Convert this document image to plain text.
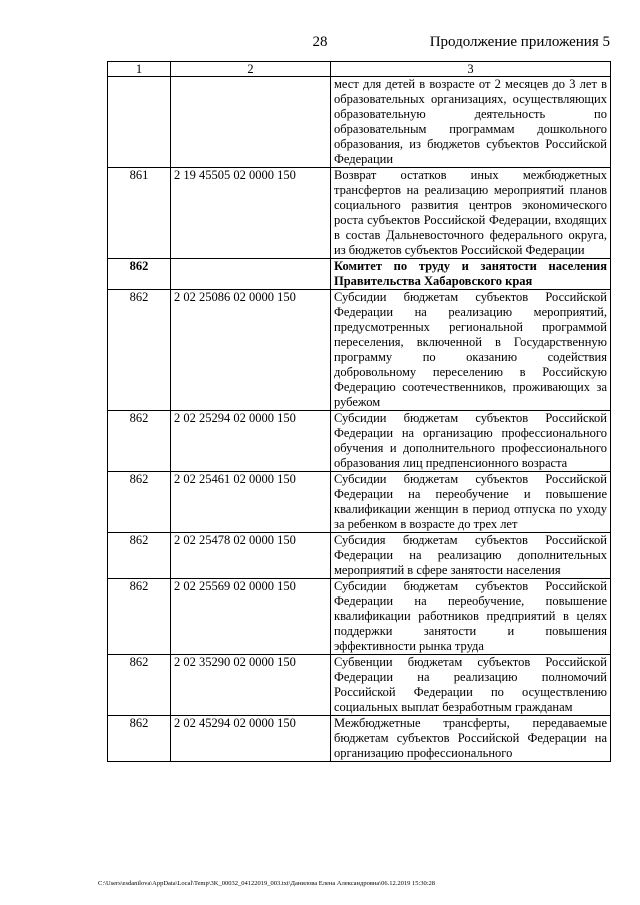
28	Продолжение приложения 5
1	2	3
		мест для детей в возрасте от 2 месяцев до 3 лет в образовательных организациях, осуществляющих образовательную деятельность по образовательным программам дошкольного образования, из бюджетов субъектов Российской Федерации
861	2 19 45505 02 0000 150	Возврат остатков иных межбюджетных трансфертов на реализацию мероприятий планов социального развития центров экономического роста субъектов Российской Федерации, входящих в состав Дальневосточного федерального округа, из бюджетов субъектов Российской Федерации
862		Комитет по труду и занятости населения Правительства Хабаровского края
862	2 02 25086 02 0000 150	Субсидии бюджетам субъектов Российской Федерации на реализацию мероприятий, предусмотренных региональной программой переселения, включенной в Государственную программу по оказанию содействия добровольному переселению в Российскую Федерацию соотечественников, проживающих за рубежом
862	2 02 25294 02 0000 150	Субсидии бюджетам субъектов Российской Федерации на организацию профессионального обучения и дополнительного профессионального образования лиц предпенсионного возраста
862	2 02 25461 02 0000 150	Субсидии бюджетам субъектов Российской Федерации на переобучение и повышение квалификации женщин в период отпуска по уходу за ребенком в возрасте до трех лет
862	2 02 25478 02 0000 150	Субсидия бюджетам субъектов Российской Федерации на реализацию дополнительных мероприятий в сфере занятости населения
862	2 02 25569 02 0000 150	Субсидии бюджетам субъектов Российской Федерации на переобучение, повышение квалификации работников предприятий в целях поддержки занятости и повышения эффективности рынка труда
862	2 02 35290 02 0000 150	Субвенции бюджетам субъектов Российской Федерации на реализацию полномочий Российской Федерации по осуществлению социальных выплат безработным гражданам
862	2 02 45294 02 0000 150	Межбюджетные трансферты, передаваемые бюджетам субъектов Российской Федерации на организацию профессионального
C:\Users\esdanilova\AppData\Local\Temp\3K_00032_04122019_003.txt\Данилова Елена Александровна\06.12.2019 15:30:28
